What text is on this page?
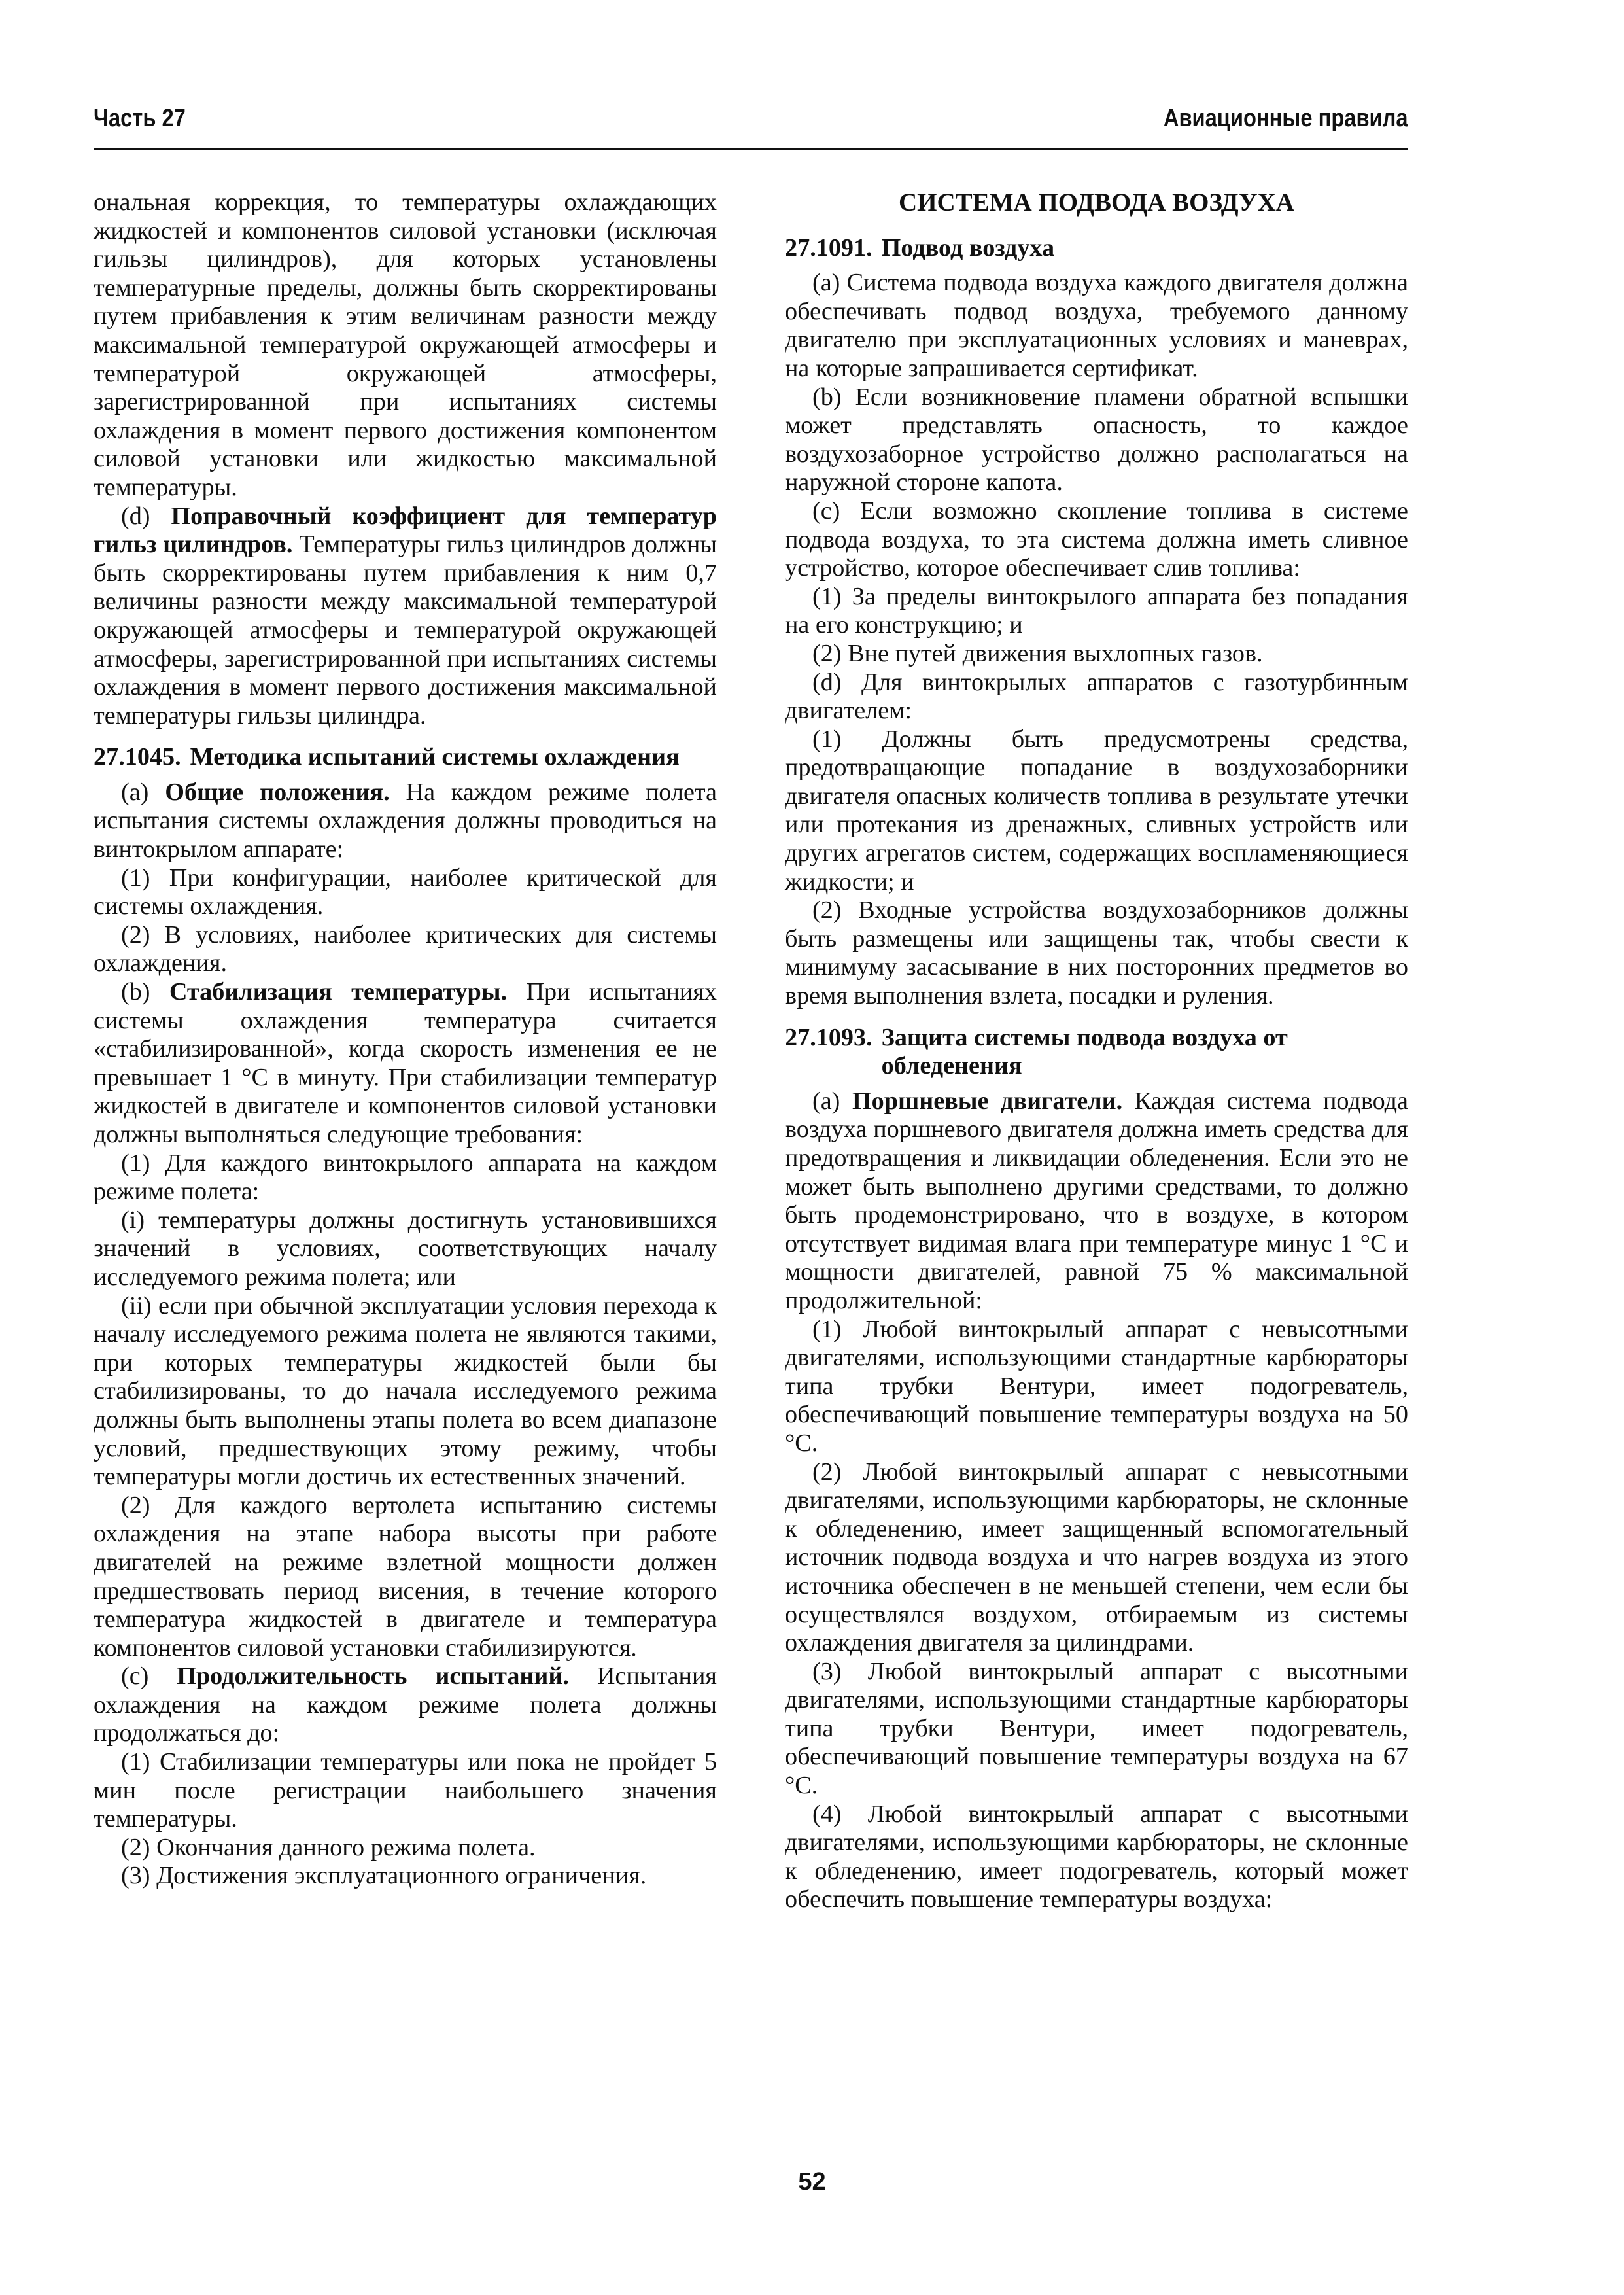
Часть 27	Авиационные правила

ональная коррекция, то температуры охлаждающих жидкостей и компонентов силовой установки (исключая гильзы цилиндров), для которых установлены температурные пределы, должны быть скорректированы путем прибавления к этим величинам разности между максимальной температурой окружающей атмосферы и температурой окружающей атмосферы, зарегистрированной при испытаниях системы охлаждения в момент первого достижения компонентом силовой установки или жидкостью максимальной температуры.

(d) Поправочный коэффициент для температур гильз цилиндров. Температуры гильз цилиндров должны быть скорректированы путем прибавления к ним 0,7 величины разности между максимальной температурой окружающей атмосферы и температурой окружающей атмосферы, зарегистрированной при испытаниях системы охлаждения в момент первого достижения максимальной температуры гильзы цилиндра.

27.1045. Методика испытаний системы охлаждения

(a) Общие положения. На каждом режиме полета испытания системы охлаждения должны проводиться на винтокрылом аппарате:

(1) При конфигурации, наиболее критической для системы охлаждения.

(2) В условиях, наиболее критических для системы охлаждения.

(b) Стабилизация температуры. При испытаниях системы охлаждения температура считается «стабилизированной», когда скорость изменения ее не превышает 1 °С в минуту. При стабилизации температур жидкостей в двигателе и компонентов силовой установки должны выполняться следующие требования:

(1) Для каждого винтокрылого аппарата на каждом режиме полета:

(i) температуры должны достигнуть установившихся значений в условиях, соответствующих началу исследуемого режима полета; или

(ii) если при обычной эксплуатации условия перехода к началу исследуемого режима полета не являются такими, при которых температуры жидкостей были бы стабилизированы, то до начала исследуемого режима должны быть выполнены этапы полета во всем диапазоне условий, предшествующих этому режиму, чтобы температуры могли достичь их естественных значений.

(2) Для каждого вертолета испытанию системы охлаждения на этапе набора высоты при работе двигателей на режиме взлетной мощности должен предшествовать период висения, в течение которого температура жидкостей в двигателе и температура компонентов силовой установки стабилизируются.

(c) Продолжительность испытаний. Испытания охлаждения на каждом режиме полета должны продолжаться до:

(1) Стабилизации температуры или пока не пройдет 5 мин после регистрации наибольшего значения температуры.

(2) Окончания данного режима полета.

(3) Достижения эксплуатационного ограничения.

СИСТЕМА ПОДВОДА ВОЗДУХА

27.1091. Подвод воздуха

(a) Система подвода воздуха каждого двигателя должна обеспечивать подвод воздуха, требуемого данному двигателю при эксплуатационных условиях и маневрах, на которые запрашивается сертификат.

(b) Если возникновение пламени обратной вспышки может представлять опасность, то каждое воздухозаборное устройство должно располагаться на наружной стороне капота.

(c) Если возможно скопление топлива в системе подвода воздуха, то эта система должна иметь сливное устройство, которое обеспечивает слив топлива:

(1) За пределы винтокрылого аппарата без попадания на его конструкцию; и

(2) Вне путей движения выхлопных газов.

(d) Для винтокрылых аппаратов с газотурбинным двигателем:

(1) Должны быть предусмотрены средства, предотвращающие попадание в воздухозаборники двигателя опасных количеств топлива в результате утечки или протекания из дренажных, сливных устройств или других агрегатов систем, содержащих воспламеняющиеся жидкости; и

(2) Входные устройства воздухозаборников должны быть размещены или защищены так, чтобы свести к минимуму засасывание в них посторонних предметов во время выполнения взлета, посадки и руления.

27.1093. Защита системы подвода воздуха от обледенения

(a) Поршневые двигатели. Каждая система подвода воздуха поршневого двигателя должна иметь средства для предотвращения и ликвидации обледенения. Если это не может быть выполнено другими средствами, то должно быть продемонстрировано, что в воздухе, в котором отсутствует видимая влага при температуре минус 1 °С и мощности двигателей, равной 75 % максимальной продолжительной:

(1) Любой винтокрылый аппарат с невысотными двигателями, использующими стандартные карбюраторы типа трубки Вентури, имеет подогреватель, обеспечивающий повышение температуры воздуха на 50 °С.

(2) Любой винтокрылый аппарат с невысотными двигателями, использующими карбюраторы, не склонные к обледенению, имеет защищенный вспомогательный источник подвода воздуха и что нагрев воздуха из этого источника обеспечен в не меньшей степени, чем если бы осуществлялся воздухом, отбираемым из системы охлаждения двигателя за цилиндрами.

(3) Любой винтокрылый аппарат с высотными двигателями, использующими стандартные карбюраторы типа трубки Вентури, имеет подогреватель, обеспечивающий повышение температуры воздуха на 67 °С.

(4) Любой винтокрылый аппарат с высотными двигателями, использующими карбюраторы, не склонные к обледенению, имеет подогреватель, который может обеспечить повышение температуры воздуха:

52
